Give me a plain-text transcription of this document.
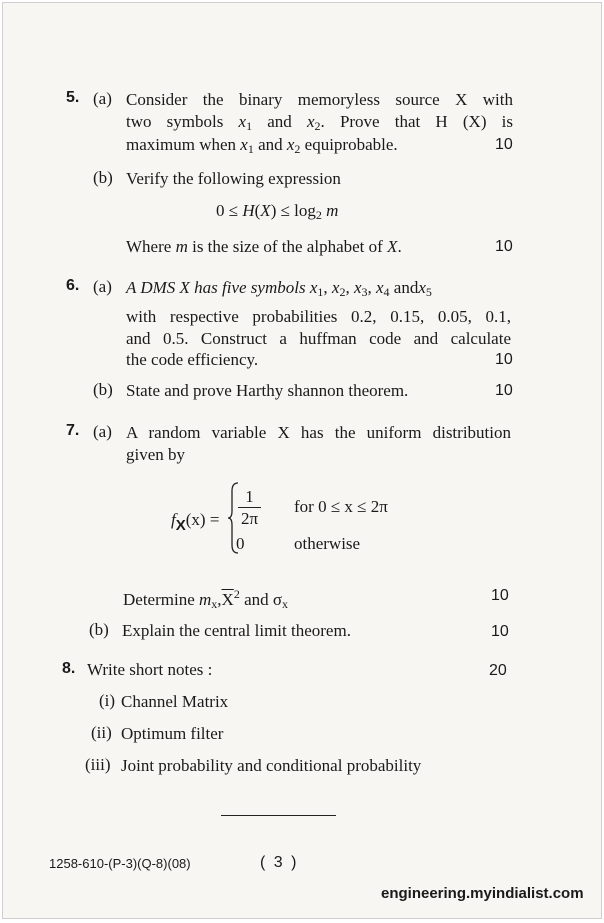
5. (a) Consider the binary memoryless source X with
two symbols x1 and x2. Prove that H (X) is
maximum when x1 and x2 equiprobable.	10
(b) Verify the following expression
0 ≤ H(X) ≤ log2 m
Where m is the size of the alphabet of X.	10
6. (a) A DMS X has five symbols x1, x2, x3, x4 andx5
with respective probabilities 0.2, 0.15, 0.05, 0.1,
and 0.5. Construct a huffman code and calculate
the code efficiency.	10
(b) State and prove Harthy shannon theorem.	10
7. (a) A random variable X has the uniform distribution
given by
$fX(x) = \frac{1}{2\pi}$ for 0 ≤ x ≤ 2π
0	otherwise
Determine $mx,\overline{X}^2$ and σx	10
(b) Explain the central limit theorem.	10
8. Write short notes :	20
(i) Channel Matrix
(ii) Optimum filter
(iii) Joint probability and conditional probability
1258-610-(P-3)(Q-8)(08)	( 3 )
engineering.myindialist.com
